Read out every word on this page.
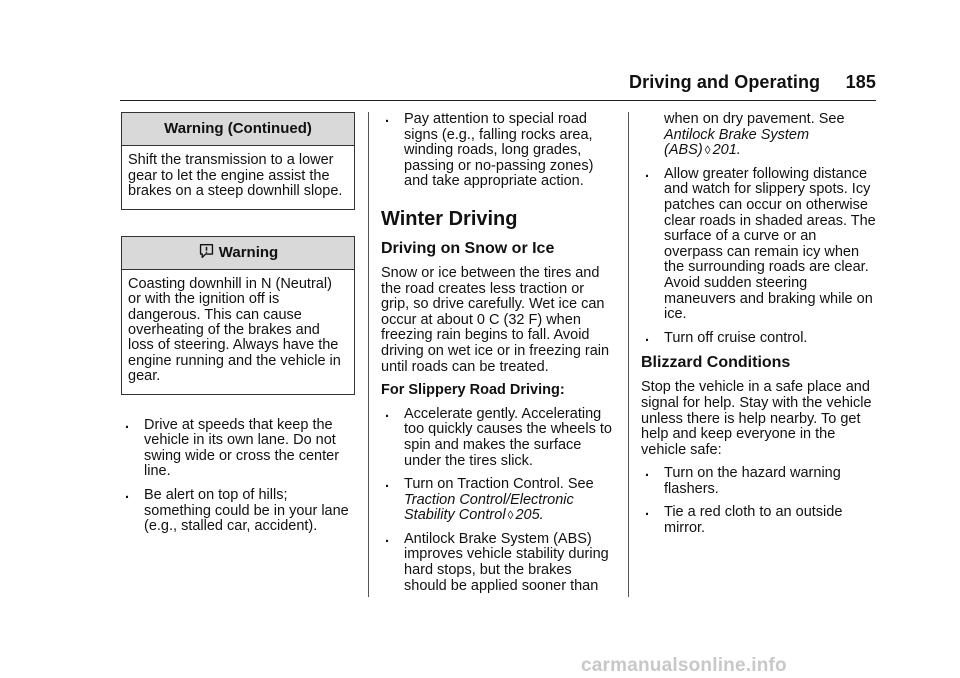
Driving and Operating 185
Warning (Continued)
Shift the transmission to a lower gear to let the engine assist the brakes on a steep downhill slope.
Warning
Coasting downhill in N (Neutral) or with the ignition off is dangerous. This can cause overheating of the brakes and loss of steering. Always have the engine running and the vehicle in gear.
. Drive at speeds that keep the vehicle in its own lane. Do not swing wide or cross the center line.
. Be alert on top of hills; something could be in your lane (e.g., stalled car, accident).
. Pay attention to special road signs (e.g., falling rocks area, winding roads, long grades, passing or no-passing zones) and take appropriate action.
Winter Driving
Driving on Snow or Ice
Snow or ice between the tires and the road creates less traction or grip, so drive carefully. Wet ice can occur at about 0 C (32 F) when freezing rain begins to fall. Avoid driving on wet ice or in freezing rain until roads can be treated.
For Slippery Road Driving:
. Accelerate gently. Accelerating too quickly causes the wheels to spin and makes the surface under the tires slick.
. Turn on Traction Control. See Traction Control/Electronic Stability Control ◊ 205.
. Antilock Brake System (ABS) improves vehicle stability during hard stops, but the brakes should be applied sooner than
when on dry pavement. See Antilock Brake System (ABS) ◊ 201.
. Allow greater following distance and watch for slippery spots. Icy patches can occur on otherwise clear roads in shaded areas. The surface of a curve or an overpass can remain icy when the surrounding roads are clear. Avoid sudden steering maneuvers and braking while on ice.
. Turn off cruise control.
Blizzard Conditions
Stop the vehicle in a safe place and signal for help. Stay with the vehicle unless there is help nearby. To get help and keep everyone in the vehicle safe:
. Turn on the hazard warning flashers.
. Tie a red cloth to an outside mirror.
carmanualsonline.info
